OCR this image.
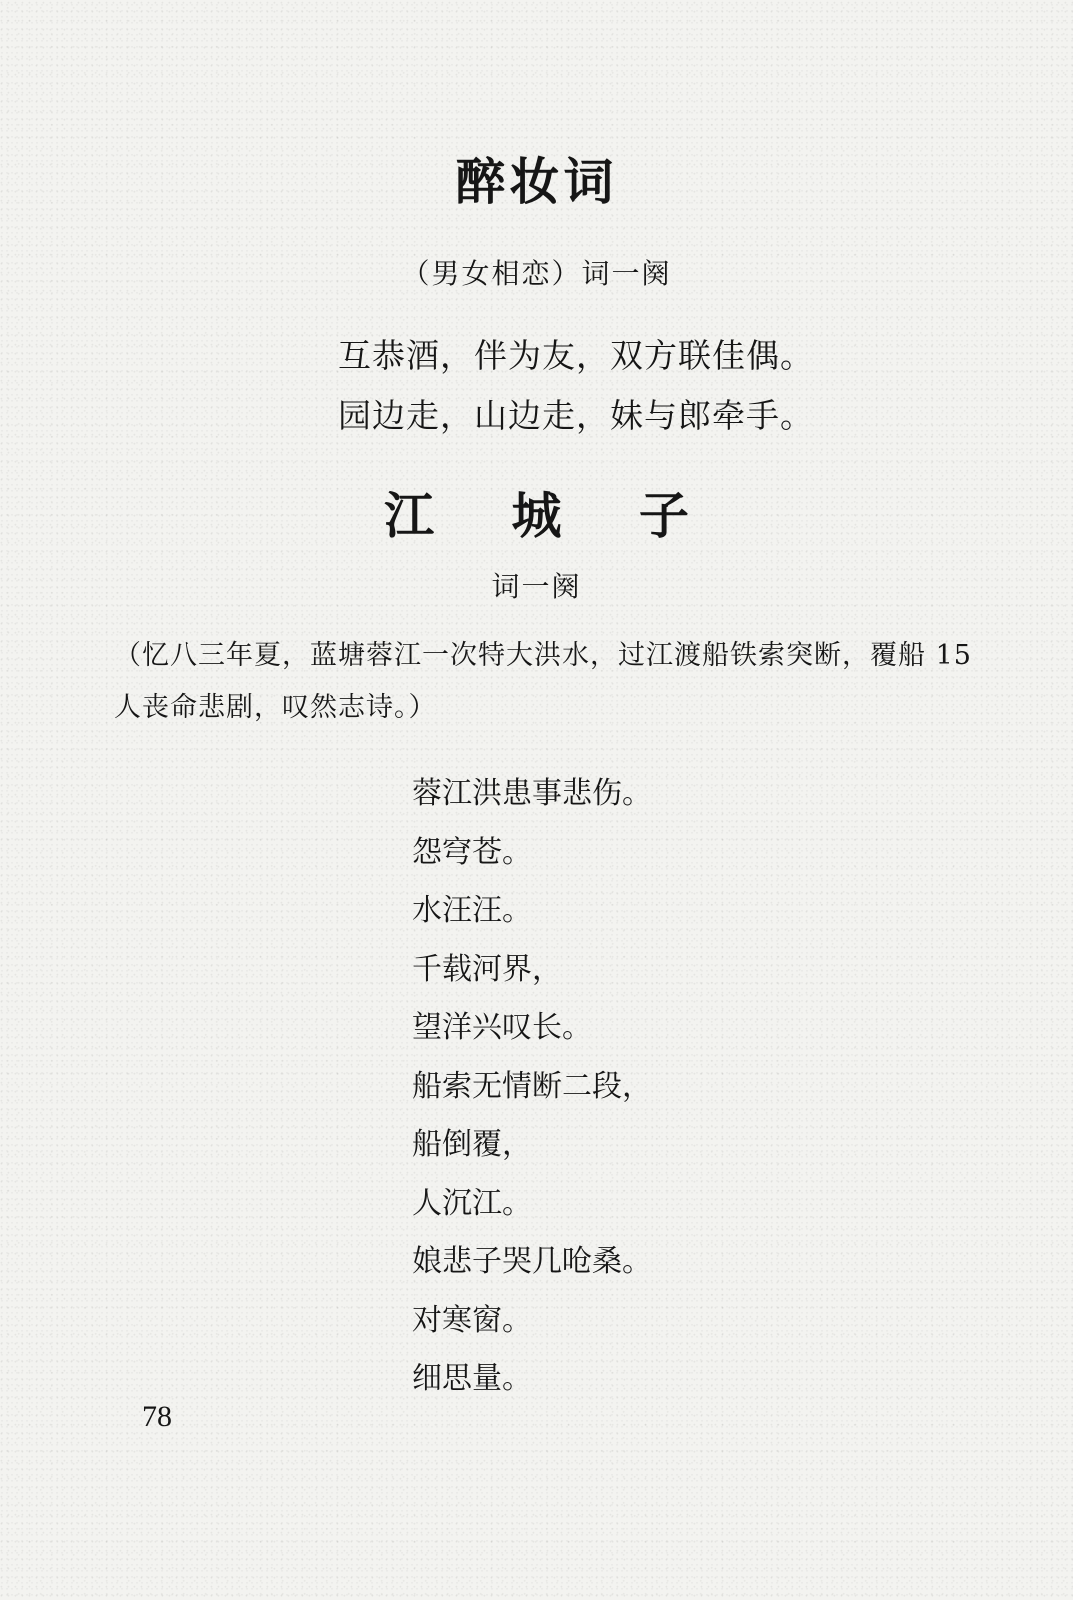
醉妆词
（男女相恋）词一阕
互恭酒，伴为友，双方联佳偶。
园边走，山边走，妹与郎牵手。
江 城 子
词一阕
（忆八三年夏，蓝塘蓉江一次特大洪水，过江渡船铁索突断，覆船 15 人丧命悲剧，叹然志诗。）
蓉江洪患事悲伤。
怨穹苍。
水汪汪。
千载河界，
望洋兴叹长。
船索无情断二段，
船倒覆，
人沉江。
娘悲子哭几呛桑。
对寒窗。
细思量。
78
